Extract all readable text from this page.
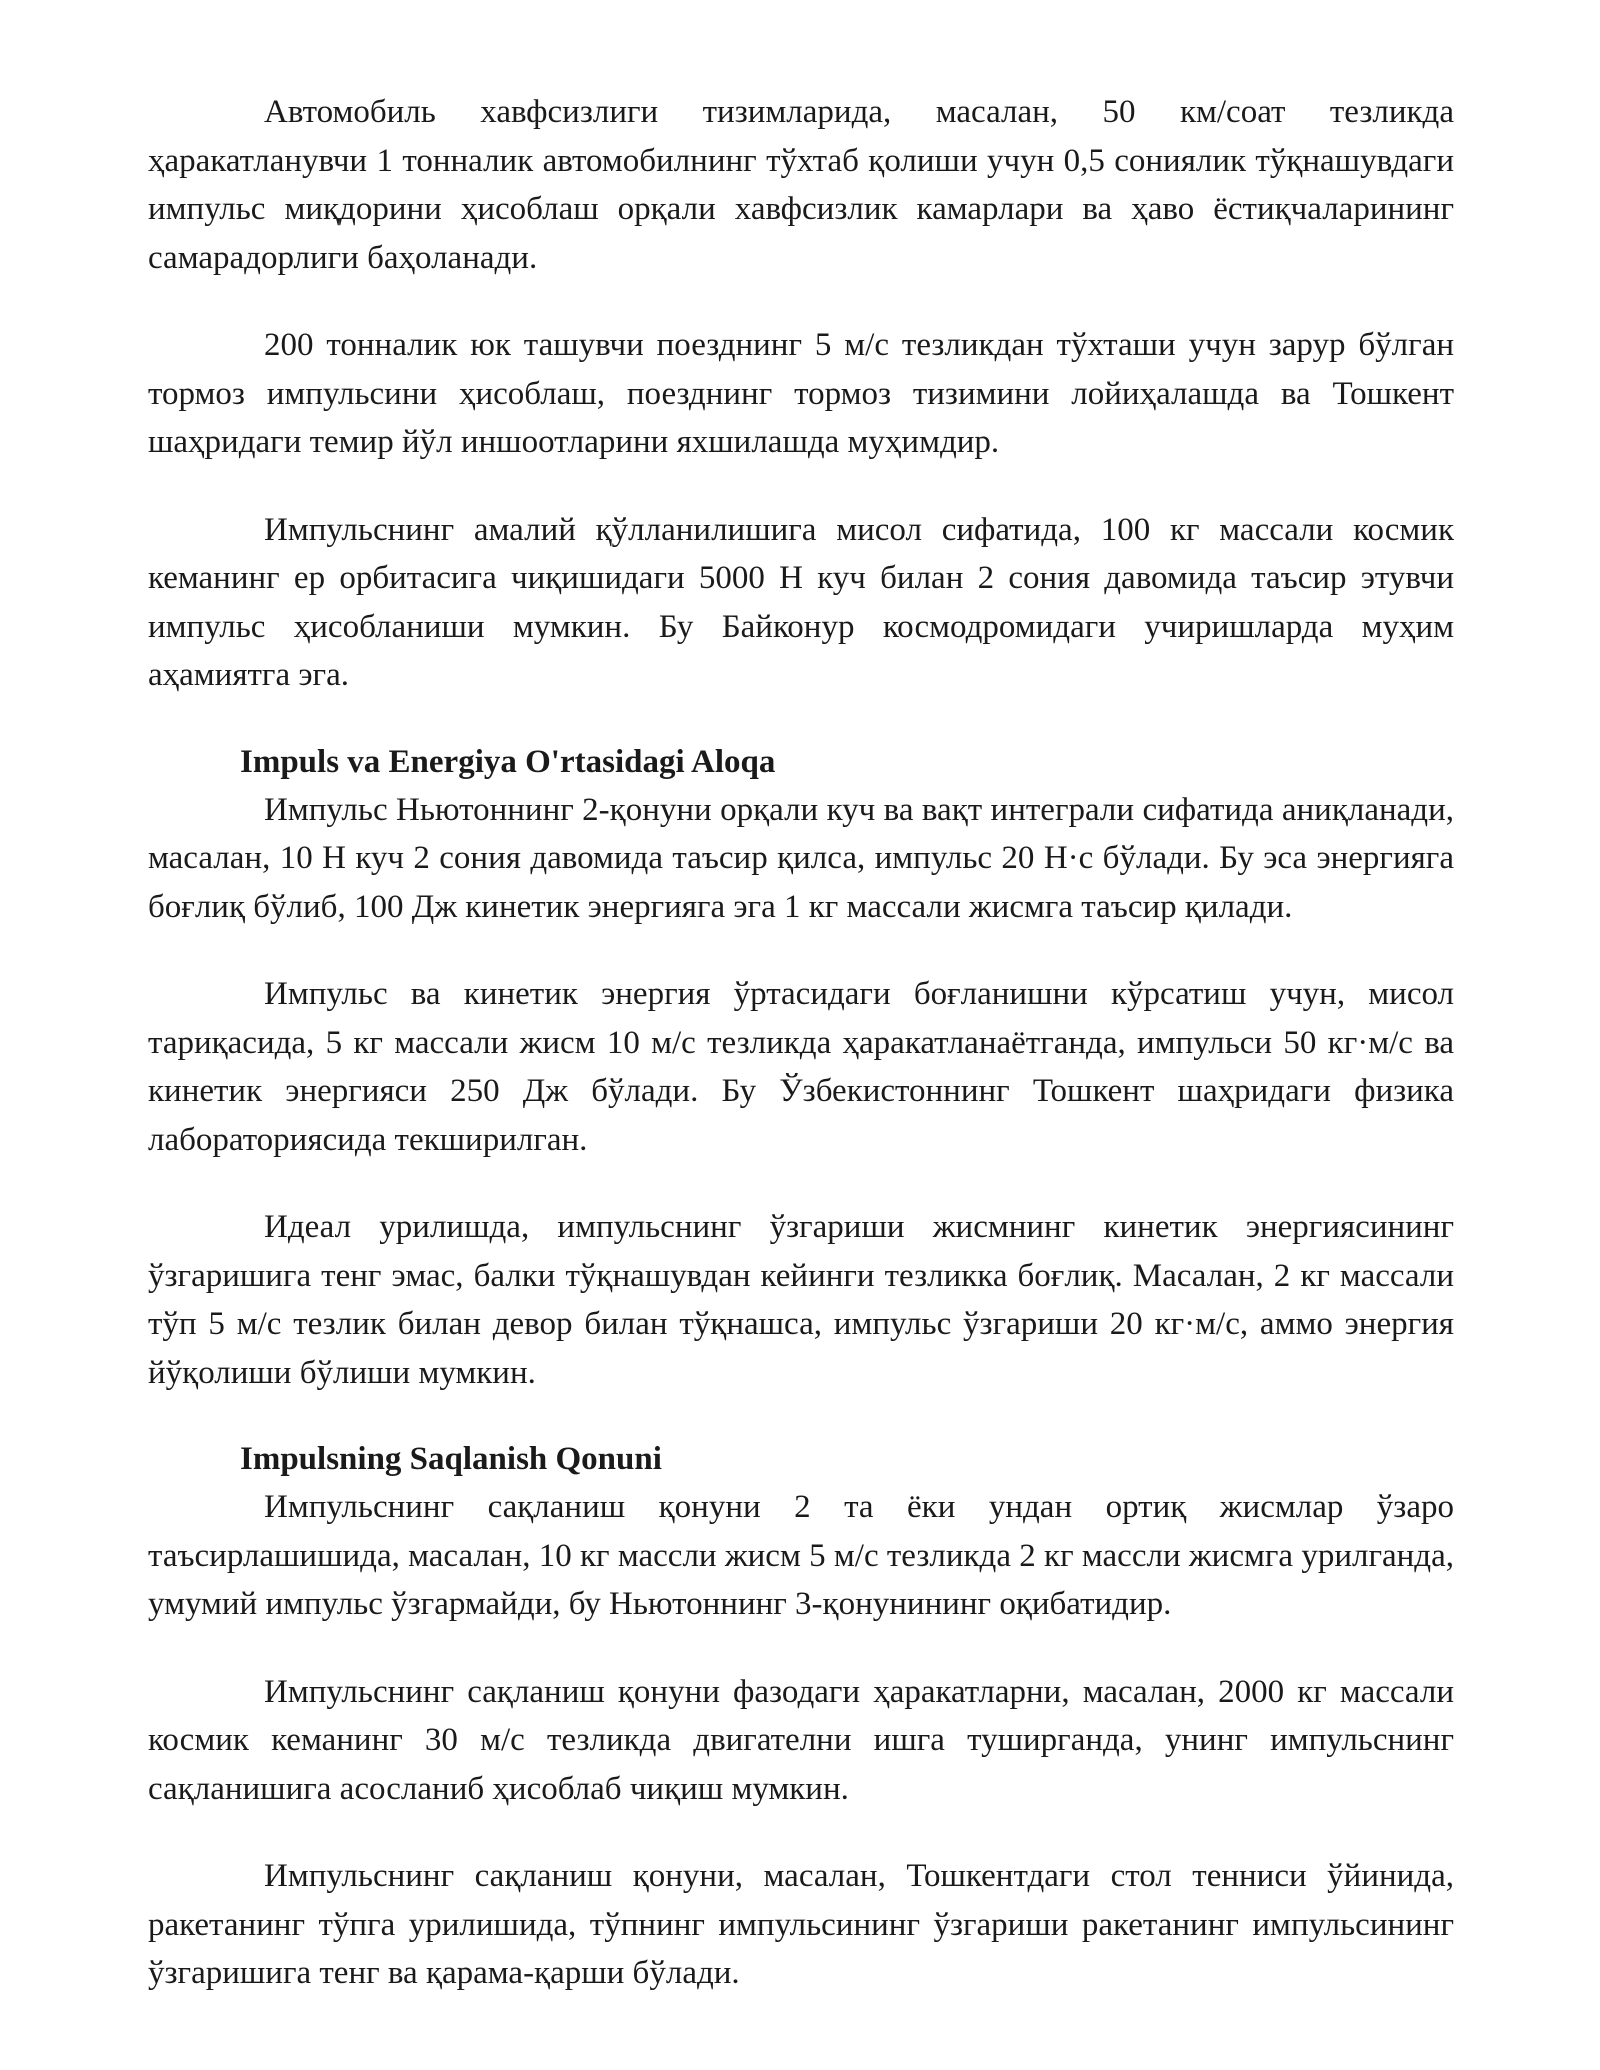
Автомобиль хавфсизлиги тизимларида, масалан, 50 км/соат тезликда ҳаракатланувчи 1 тонналик автомобилнинг тўхтаб қолиши учун 0,5 сониялик тўқнашувдаги импульс миқдорини ҳисоблаш орқали хавфсизлик камарлари ва ҳаво ёстиқчаларининг самарадорлиги баҳоланади.

200 тонналик юк ташувчи поезднинг 5 м/с тезликдан тўхташи учун зарур бўлган тормоз импульсини ҳисоблаш, поезднинг тормоз тизимини лойиҳалашда ва Тошкент шаҳридаги темир йўл иншоотларини яхшилашда муҳимдир.

Импульснинг амалий қўлланилишига мисол сифатида, 100 кг массали космик кеманинг ер орбитасига чиқишидаги 5000 Н куч билан 2 сония давомида таъсир этувчи импульс ҳисобланиши мумкин. Бу Байконур космодромидаги учиришларда муҳим аҳамиятга эга.

Impuls va Energiya O'rtasidagi Aloqa

Импульс Ньютоннинг 2-қонуни орқали куч ва вақт интеграли сифатида аниқланади, масалан, 10 Н куч 2 сония давомида таъсир қилса, импульс 20 Н·с бўлади. Бу эса энергияга боғлиқ бўлиб, 100 Дж кинетик энергияга эга 1 кг массали жисмга таъсир қилади.

Импульс ва кинетик энергия ўртасидаги боғланишни кўрсатиш учун, мисол тариқасида, 5 кг массали жисм 10 м/с тезликда ҳаракатланаётганда, импульси 50 кг·м/с ва кинетик энергияси 250 Дж бўлади. Бу Ўзбекистоннинг Тошкент шаҳридаги физика лабораториясида текширилган.

Идеал урилишда, импульснинг ўзгариши жисмнинг кинетик энергиясининг ўзгаришига тенг эмас, балки тўқнашувдан кейинги тезликка боғлиқ. Масалан, 2 кг массали тўп 5 м/с тезлик билан девор билан тўқнашса, импульс ўзгариши 20 кг·м/с, аммо энергия йўқолиши бўлиши мумкин.

Impulsning Saqlanish Qonuni

Импульснинг сақланиш қонуни 2 та ёки ундан ортиқ жисмлар ўзаро таъсирлашишида, масалан, 10 кг массли жисм 5 м/с тезликда 2 кг массли жисмга урилганда, умумий импульс ўзгармайди, бу Ньютоннинг 3-қонунининг оқибатидир.

Импульснинг сақланиш қонуни фазодаги ҳаракатларни, масалан, 2000 кг массали космик кеманинг 30 м/с тезликда двигателни ишга туширганда, унинг импульснинг сақланишига асосланиб ҳисоблаб чиқиш мумкин.

Импульснинг сақланиш қонуни, масалан, Тошкентдаги стол тенниси ўйинида, ракетанинг тўпга урилишида, тўпнинг импульсининг ўзгариши ракетанинг импульсининг ўзгаришига тенг ва қарама-қарши бўлади.
